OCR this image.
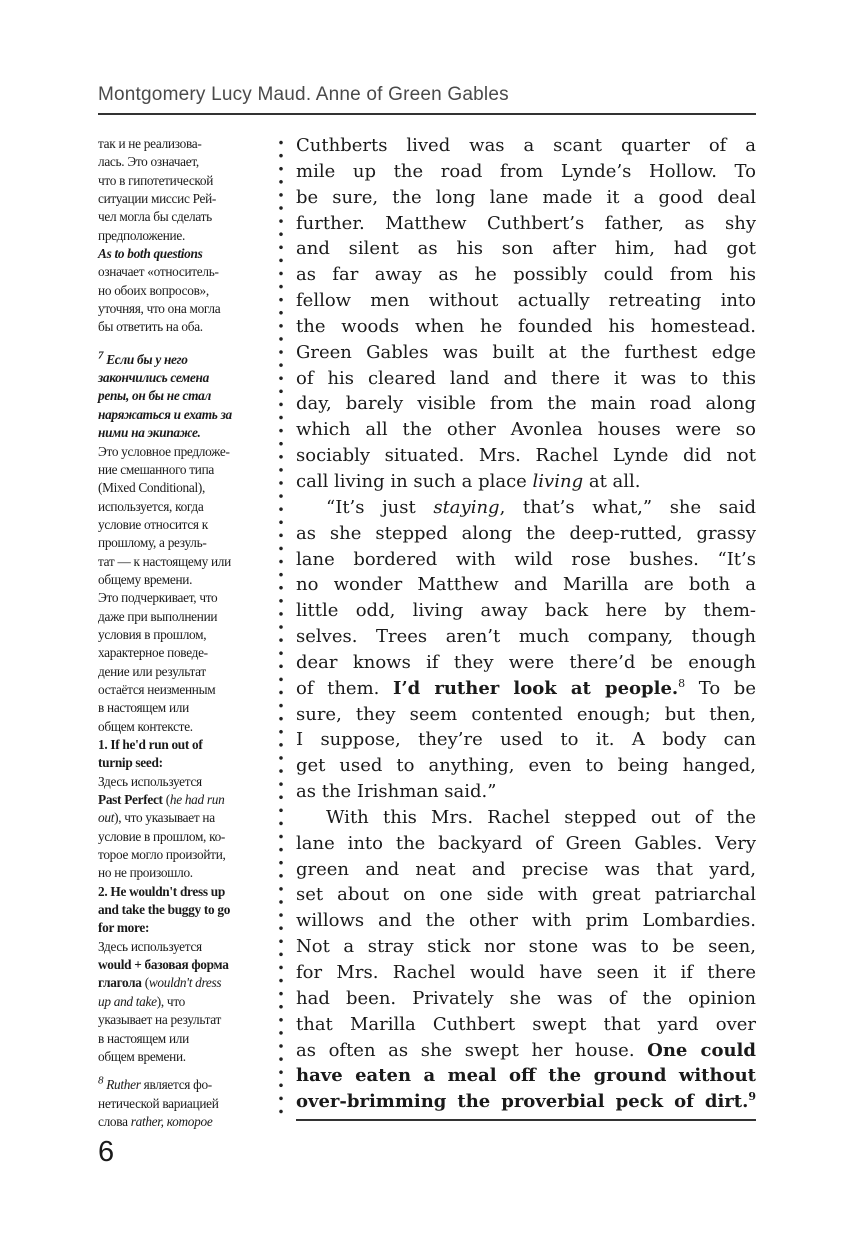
Montgomery Lucy Maud. Anne of Green Gables
так и не реализова-
лась. Это означает,
что в гипотетической
ситуации миссис Рей-
чел могла бы сделать
предположение.
As to both questions
означает «относитель-
но обоих вопросов»,
уточняя, что она могла
бы ответить на оба.
$^7$ Если бы у него
закончились семена
репы, он бы не стал
наряжаться и ехать за
ними на экипаже.
Это условное предложе-
ние смешанного типа
(Mixed Conditional),
используется, когда
условие относится к
прошлому, а резуль-
тат — к настоящему или
общему времени.
Это подчеркивает, что
даже при выполнении
условия в прошлом,
характерное поведе-
дение или результат
остаётся неизменным
в настоящем или
общем контексте.
1. If he'd run out of
turnip seed:
Здесь используется
Past Perfect (he had run
out), что указывает на
условие в прошлом, ко-
торое могло произойти,
но не произошло.
2. He wouldn't dress up
and take the buggy to go
for more:
Здесь используется
would + базовая форма
глагола (wouldn't dress
up and take), что
указывает на результат
в настоящем или
общем времени.
$^8$ Ruther является фо-
нетической вариацией
слова rather, которое
Cuthberts lived was a scant quarter of a
mile up the road from Lynde’s Hollow. To
be sure, the long lane made it a good deal
further. Matthew Cuthbert’s father, as shy
and silent as his son after him, had got
as far away as he possibly could from his
fellow men without actually retreating into
the woods when he founded his homestead.
Green Gables was built at the furthest edge
of his cleared land and there it was to this
day, barely visible from the main road along
which all the other Avonlea houses were so
sociably situated. Mrs. Rachel Lynde did not
call living in such a place living at all.
“It’s just staying, that’s what,” she said
as she stepped along the deep-rutted, grassy
lane bordered with wild rose bushes. “It’s
no wonder Matthew and Marilla are both a
little odd, living away back here by them-
selves. Trees aren’t much company, though
dear knows if they were there’d be enough
of them. I’d ruther look at people.$^8$ To be
sure, they seem contented enough; but then,
I suppose, they’re used to it. A body can
get used to anything, even to being hanged,
as the Irishman said.”
With this Mrs. Rachel stepped out of the
lane into the backyard of Green Gables. Very
green and neat and precise was that yard,
set about on one side with great patriarchal
willows and the other with prim Lombardies.
Not a stray stick nor stone was to be seen,
for Mrs. Rachel would have seen it if there
had been. Privately she was of the opinion
that Marilla Cuthbert swept that yard over
as often as she swept her house. One could
have eaten a meal off the ground without
over-brimming the proverbial peck of dirt.$^9$
6
